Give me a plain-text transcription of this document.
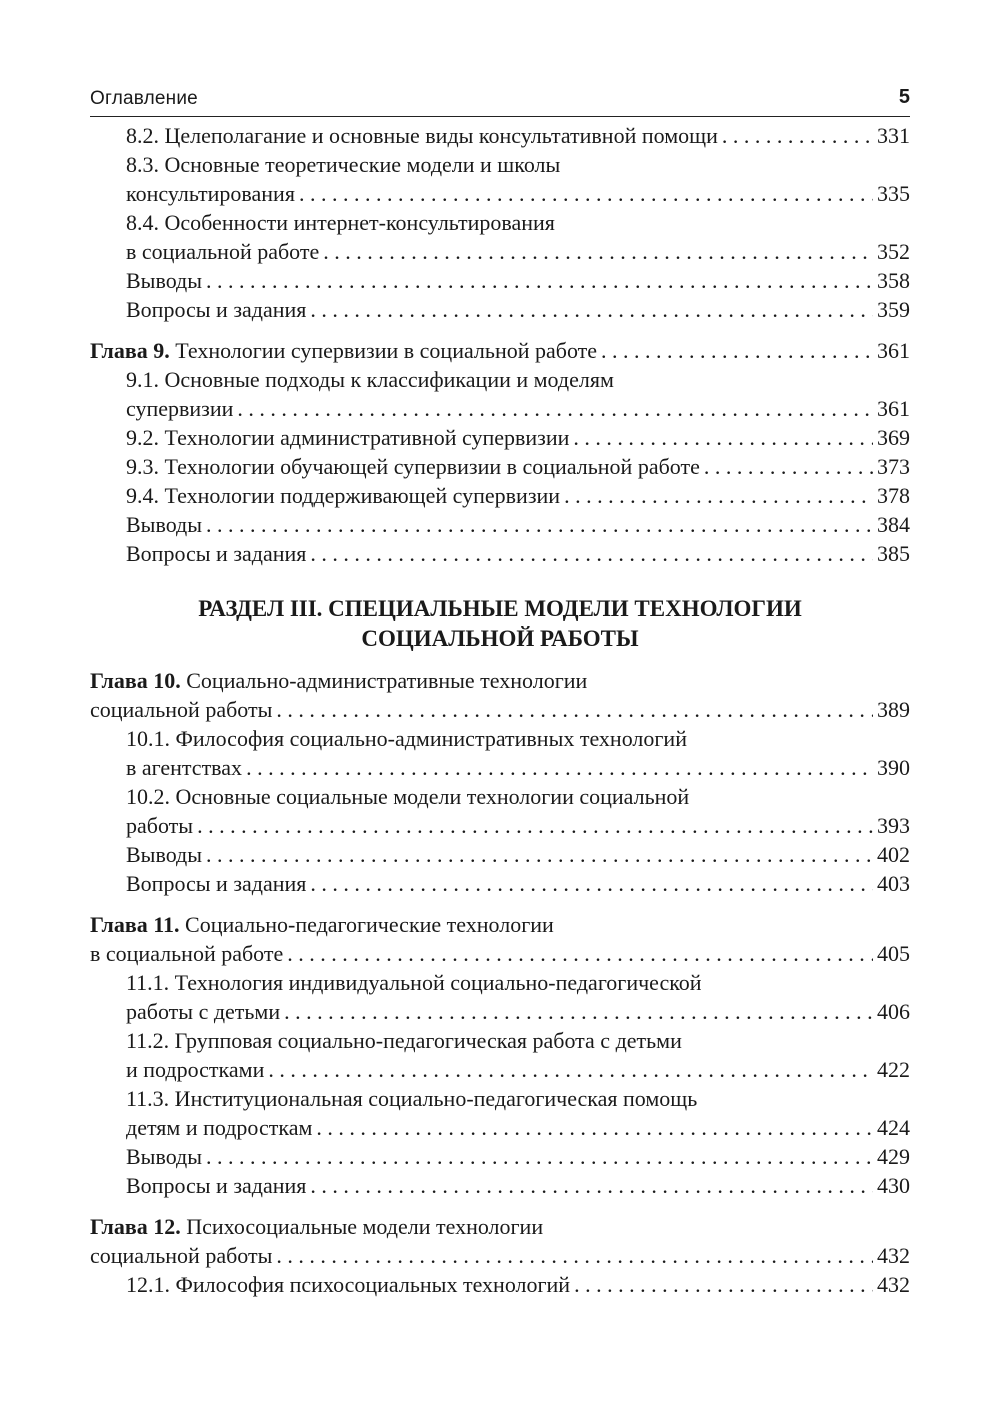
Оглавление	5
8.2. Целеполагание и основные виды консультативной помощи . . .	331
8.3. Основные теоретические модели и школы
консультирования . . .	335
8.4. Особенности интернет-консультирования
в социальной работе . . .	352
Выводы . . .	358
Вопросы и задания . . .	359
Глава 9. Технологии супервизии в социальной работе . . .	361
9.1. Основные подходы к классификации и моделям
супервизии . . .	361
9.2. Технологии административной супервизии . . .	369
9.3. Технологии обучающей супервизии в социальной работе . . .	373
9.4. Технологии поддерживающей супервизии . . .	378
Выводы . . .	384
Вопросы и задания . . .	385
РАЗДЕЛ III. СПЕЦИАЛЬНЫЕ МОДЕЛИ ТЕХНОЛОГИИ
СОЦИАЛЬНОЙ РАБОТЫ
Глава 10. Социально-административные технологии
социальной работы . . .	389
10.1. Философия социально-административных технологий
в агентствах . . .	390
10.2. Основные социальные модели технологии социальной
работы . . .	393
Выводы . . .	402
Вопросы и задания . . .	403
Глава 11. Социально-педагогические технологии
в социальной работе . . .	405
11.1. Технология индивидуальной социально-педагогической
работы с детьми . . .	406
11.2. Групповая социально-педагогическая работа с детьми
и подростками . . .	422
11.3. Институциональная социально-педагогическая помощь
детям и подросткам . . .	424
Выводы . . .	429
Вопросы и задания . . .	430
Глава 12. Психосоциальные модели технологии
социальной работы . . .	432
12.1. Философия психосоциальных технологий . . .	432
